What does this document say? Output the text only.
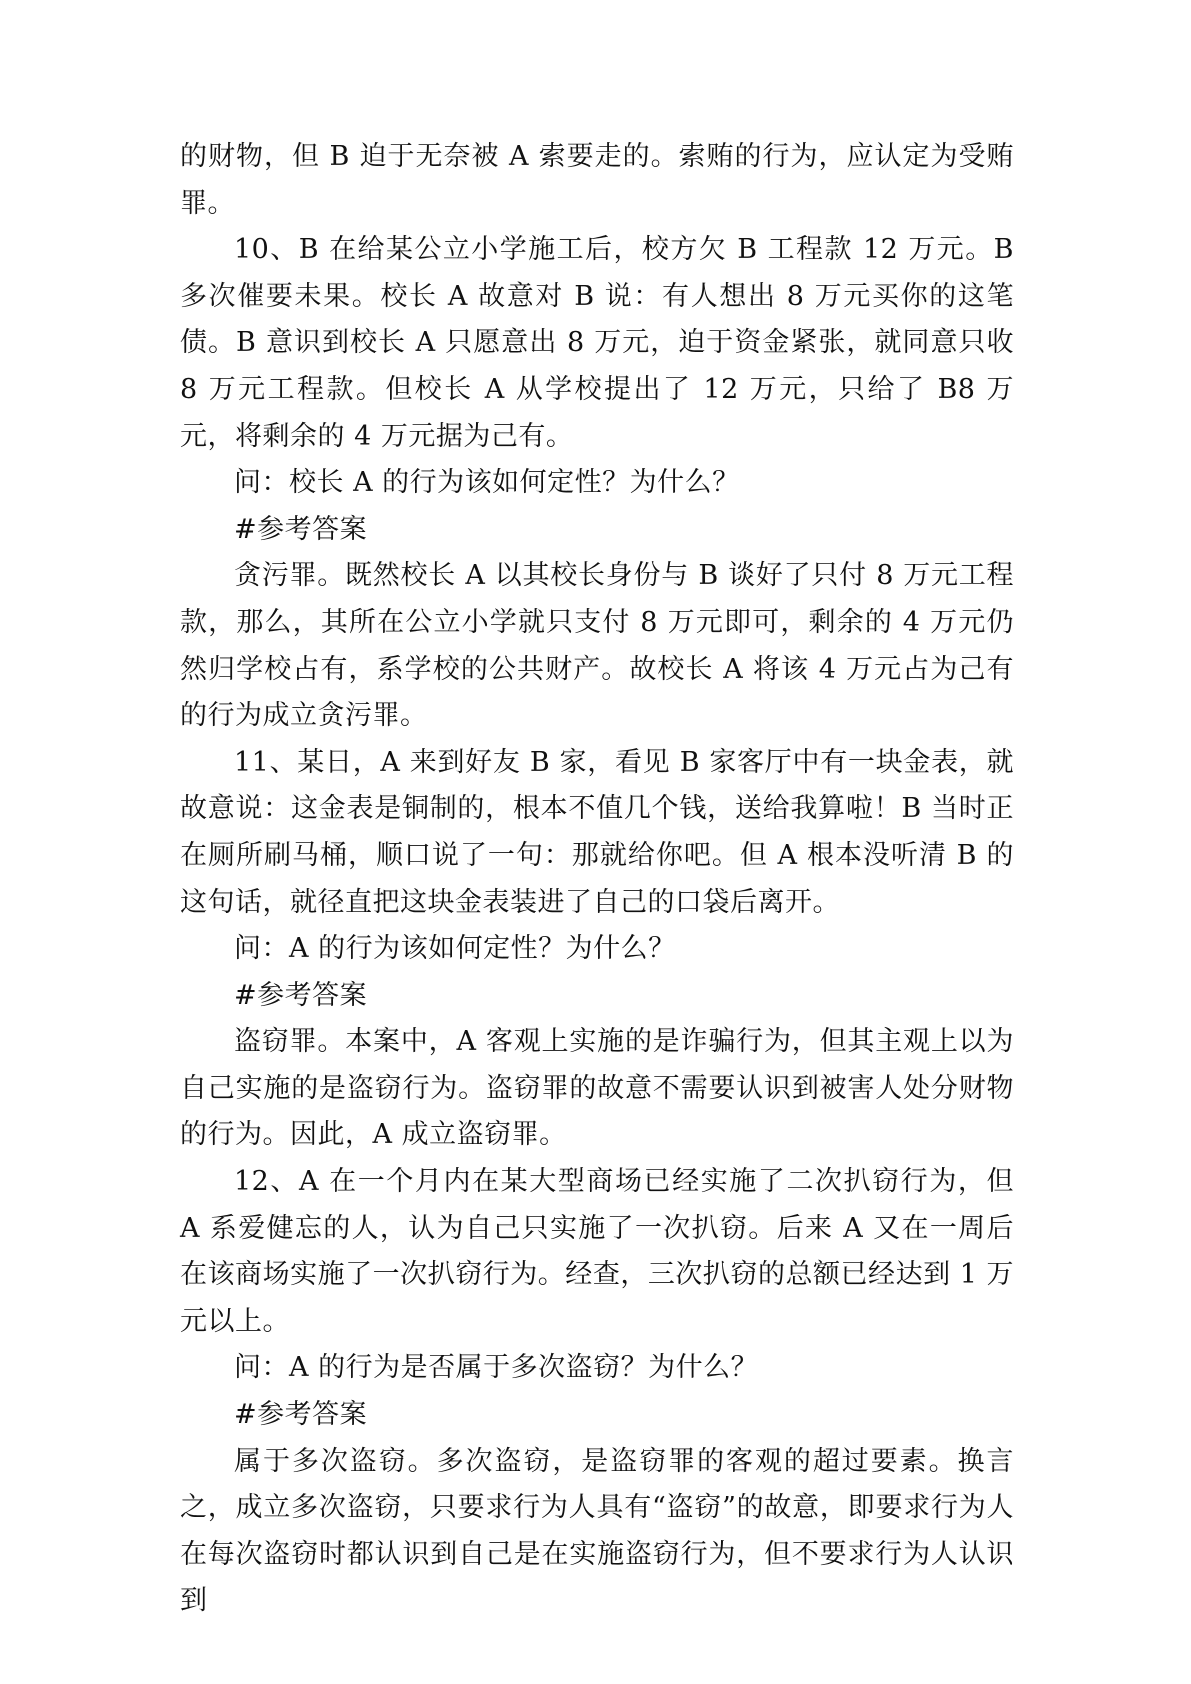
的财物，但 B 迫于无奈被 A 索要走的。索贿的行为，应认定为受贿罪。

10、B 在给某公立小学施工后，校方欠 B 工程款 12 万元。B 多次催要未果。校长 A 故意对 B 说：有人想出 8 万元买你的这笔债。B 意识到校长 A 只愿意出 8 万元，迫于资金紧张，就同意只收 8 万元工程款。但校长 A 从学校提出了 12 万元，只给了 B8 万元，将剩余的 4 万元据为己有。

问：校长 A 的行为该如何定性？为什么？

#参考答案

贪污罪。既然校长 A 以其校长身份与 B 谈好了只付 8 万元工程款，那么，其所在公立小学就只支付 8 万元即可，剩余的 4 万元仍然归学校占有，系学校的公共财产。故校长 A 将该 4 万元占为己有的行为成立贪污罪。

11、某日，A 来到好友 B 家，看见 B 家客厅中有一块金表，就故意说：这金表是铜制的，根本不值几个钱，送给我算啦！B 当时正在厕所刷马桶，顺口说了一句：那就给你吧。但 A 根本没听清 B 的这句话，就径直把这块金表装进了自己的口袋后离开。

问：A 的行为该如何定性？为什么？

#参考答案

盗窃罪。本案中，A 客观上实施的是诈骗行为，但其主观上以为自己实施的是盗窃行为。盗窃罪的故意不需要认识到被害人处分财物的行为。因此，A 成立盗窃罪。

12、A 在一个月内在某大型商场已经实施了二次扒窃行为，但 A 系爱健忘的人，认为自己只实施了一次扒窃。后来 A 又在一周后在该商场实施了一次扒窃行为。经查，三次扒窃的总额已经达到 1 万元以上。

问：A 的行为是否属于多次盗窃？为什么？

#参考答案

属于多次盗窃。多次盗窃，是盗窃罪的客观的超过要素。换言之，成立多次盗窃，只要求行为人具有“盗窃”的故意，即要求行为人在每次盗窃时都认识到自己是在实施盗窃行为，但不要求行为人认识到
